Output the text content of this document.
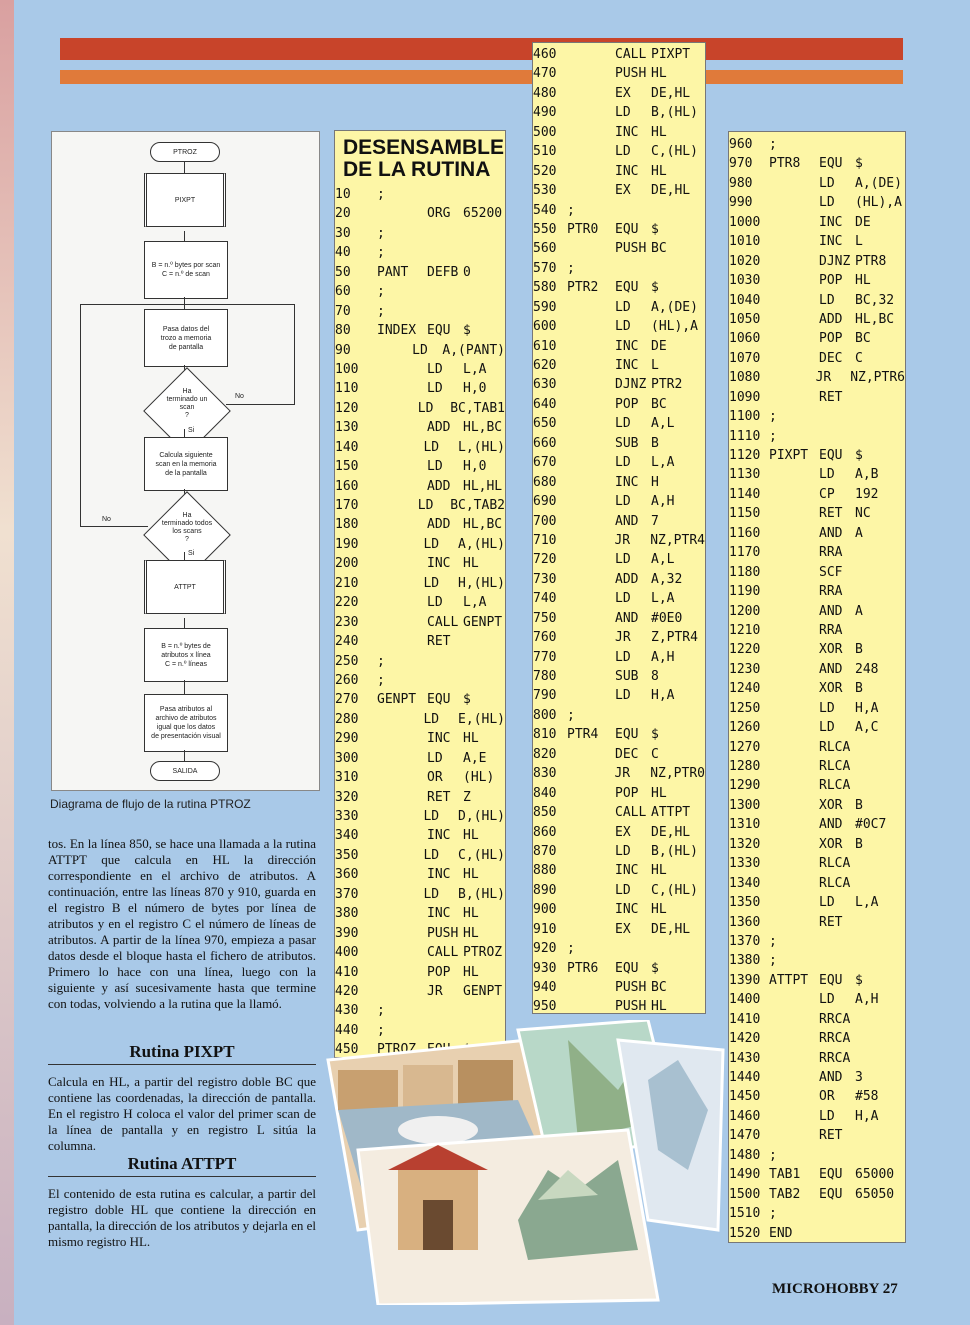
PTROZ
PIXPT
B = n.º bytes por scan
C = n.º de scan
Pasa datos del
trozo a memoria
de pantalla
Ha
terminado un
scan
?
No
Si
Calcula siguiente
scan en la memoria
de la pantalla
Ha
terminado todos
los scans
?
No
Si
ATTPT
B = n.º bytes de
atributos x línea
C = n.º líneas
Pasa atributos al
archivo de atributos
igual que los datos
de presentación visual
SALIDA
Diagrama de flujo de la rutina PTROZ

tos. En la línea 850, se hace una llamada a la rutina ATTPT que calcula en HL la dirección correspondiente en el archivo de atributos. A continuación, entre las líneas 870 y 910, guarda en el registro B el número de bytes por línea de atributos y en el registro C el número de líneas de atributos. A partir de la línea 970, empieza a pasar datos desde el bloque hasta el fichero de atributos. Primero lo hace con una línea, luego con la siguiente y así sucesivamente hasta que termine con todas, volviendo a la rutina que la llamó.

Rutina PIXPT

Calcula en HL, a partir del registro doble BC que contiene las coordenadas, la dirección de pantalla. En el registro H coloca el valor del primer scan de la línea de pantalla y en registro L sitúa la columna.

Rutina ATTPT

El contenido de esta rutina es calcular, a partir del registro doble HL que contiene la dirección en pantalla, la dirección de los atributos y dejarla en el mismo registro HL.

DESENSAMBLE
DE LA RUTINA
10	;
20	ORG 65200
30	;
40	;
50	PANT	DEFB 0
60	;
70	;
80	INDEX EQU $
90	LD	A,(PANT)
100	LD	L,A
110	LD	H,0
120	LD	BC,TAB1
130	ADD HL,BC
140	LD	L,(HL)
150	LD	H,0
160	ADD HL,HL
170	LD	BC,TAB2
180	ADD HL,BC
190	LD	A,(HL)
200	INC HL
210	LD	H,(HL)
220	LD	L,A
230	CALL GENPT
240	RET
250	;
260	;
270	GENPT EQU $
280	LD	E,(HL)
290	INC HL
300	LD	A,E
310	OR	(HL)
320	RET Z
330	LD	D,(HL)
340	INC HL
350	LD	C,(HL)
360	INC HL
370	LD	B,(HL)
380	INC HL
390	PUSH HL
400	CALL PTROZ
410	POP HL
420	JR	GENPT
430	;
440	;
450	PTROZ
460	CALL PIXPT
470	PUSH HL
480	EX	DE,HL
490	LD	B,(HL)
500	INC HL
510	LD	C,(HL)
520	INC HL
530	EX	DE,HL
540 ;
550 PTR0	EQU $
560	PUSH BC
570 ;
580 PTR2	EQU $
590	LD	A,(DE)
600	LD	(HL),A
610	INC DE
620	INC L
630	DJNZ PTR2
640	POP BC
650	LD	A,L
660	SUB B
670	LD	L,A
680	INC H
690	LD	A,H
700	AND 7
710	JR	NZ,PTR4
720	LD	A,L
730	ADD A,32
740	LD	L,A
750	AND #0E0
760	JR	Z,PTR4
770	LD	A,H
780	SUB 8
790	LD	H,A
800 ;
810 PTR4	EQU $
820	DEC C
830	JR	NZ,PTR0
840	POP HL
850	CALL ATTPT
860	EX	DE,HL
870	LD	B,(HL)
880	INC HL
890	LD	C,(HL)
900	INC HL
910	EX	DE,HL
920 ;
930 PTR6	EQU $
940	PUSH BC
950	PUSH HL
960	;
970	PTR8	EQU $
980	LD	A,(DE)
990	LD	(HL),A
1000	INC DE
1010	INC L
1020	DJNZ PTR8
1030	POP HL
1040	LD	BC,32
1050	ADD HL,BC
1060	POP BC
1070	DEC C
1080	JR	NZ,PTR6
1090	RET
1100 ;
1110 ;
1120 PIXPT EQU $
1130	LD	A,B
1140	CP	192
1150	RET NC
1160	AND A
1170	RRA
1180	SCF
1190	RRA
1200	AND A
1210	RRA
1220	XOR B
1230	AND 248
1240	XOR B
1250	LD	H,A
1260	LD	A,C
1270	RLCA
1280	RLCA
1290	RLCA
1300	XOR B
1310	AND #0C7
1320	XOR B
1330	RLCA
1340	RLCA
1350	LD	L,A
1360	RET
1370 ;
1380 ;
1390 ATTPT EQU $
1400	LD	A,H
1410	RRCA
1420	RRCA
1430	RRCA
1440	AND 3
1450	OR	#58
1460	LD	H,A
1470	RET
1480 ;
1490 TAB1	EQU 65000
1500 TAB2	EQU 65050
1510 ;
1520 END
MICROHOBBY 27
